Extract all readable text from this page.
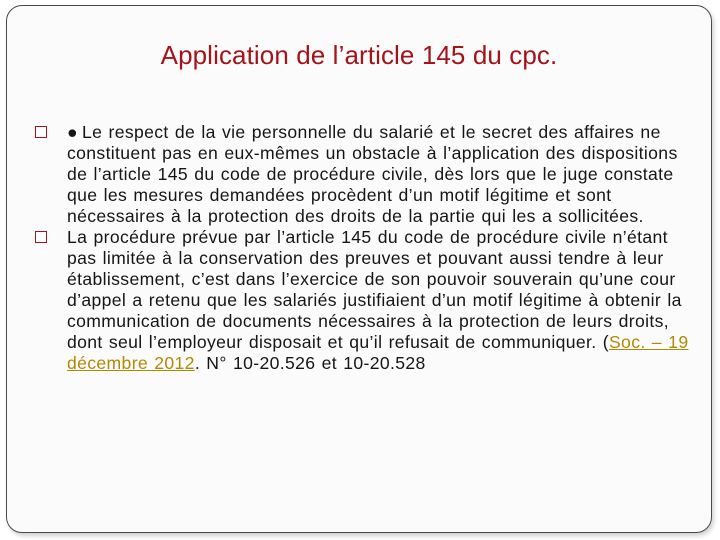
Application de l’article 145 du cpc.

● Le respect de la vie personnelle du salarié et le secret des affaires ne constituent pas en eux-mêmes un obstacle à l’application des dispositions de l’article 145 du code de procédure civile, dès lors que le juge constate que les mesures demandées procèdent d’un motif légitime et sont nécessaires à la protection des droits de la partie qui les a sollicitées.

La procédure prévue par l’article 145 du code de procédure civile n’étant pas limitée à la conservation des preuves et pouvant aussi tendre à leur établissement, c’est dans l’exercice de son pouvoir souverain qu’une cour d’appel a retenu que les salariés justifiaient d’un motif légitime à obtenir la communication de documents nécessaires à la protection de leurs droits, dont seul l’employeur disposait et qu’il refusait de communiquer. (Soc. – 19 décembre 2012. N° 10-20.526 et 10-20.528
